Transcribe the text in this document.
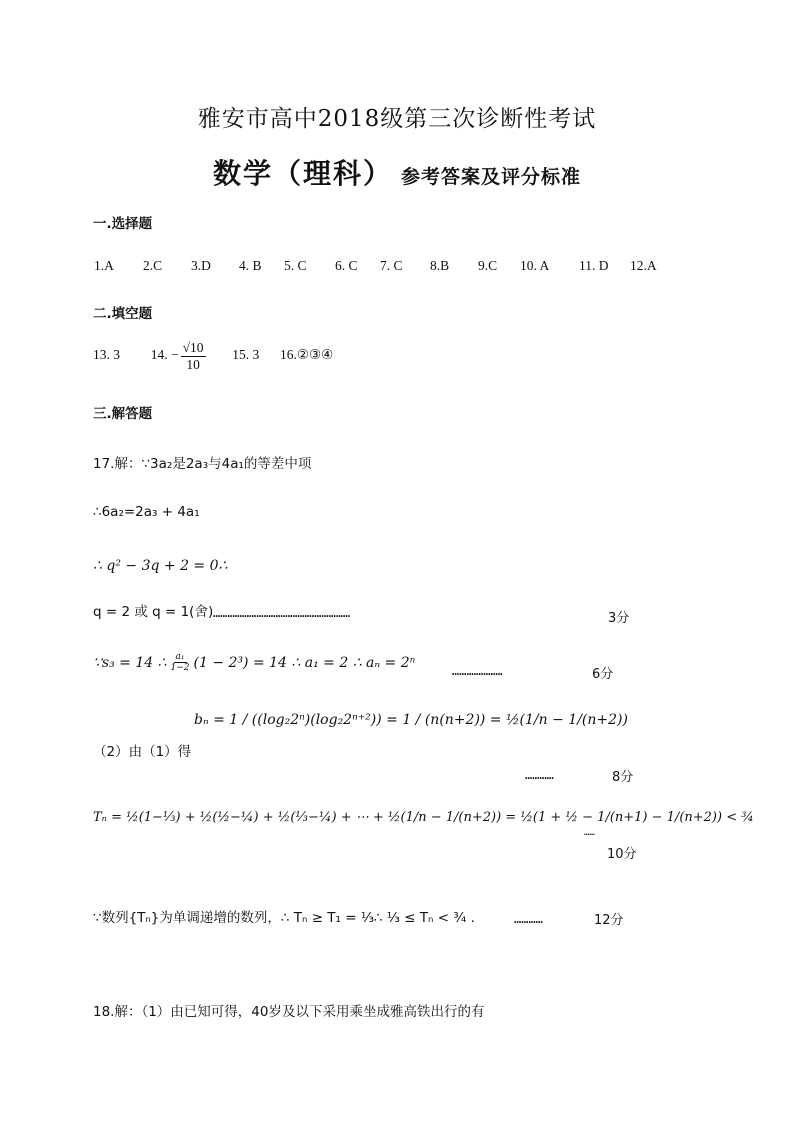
雅安市高中2018级第三次诊断性考试
数学（理科） 参考答案及评分标准
一.选择题
1.A 2.C 3.D 4. B 5. C 6. C 7. C 8.B 9.C 10. A 11. D 12.A
二.填空题
13. 3 14. − $\frac{√10}{10} 15$. 3 16.②③④
三.解答题
17.解：∵3a₂是2a₃与4a₁的等差中项
∴6a₂=2a₃ + 4a₁
∴ q² − 3q + 2 = 0∴
q = 2 或 q = 1(舍) …………………………………………………	3分
∵s₃ = 14 ∴ $\frac{\text{a₁}}{1-2} (1 - 2^3) = 14$ ∴ a₁ = 2 ∴ aₙ = 2ⁿ
…………………	6分
bₙ = 1 / ((log₂2ⁿ)(log₂2ⁿ⁺²)) = 1 / (n(n+2)) = ½(1/n − 1/(n+2))
（2）由（1）得
…………	8分
Tₙ = ½(1−⅓) + ½(½−¼) + ½(⅓−¼) + ⋯ + ½(1/n − 1/(n+2)) = ½(1 + ½ − 1/(n+1) − 1/(n+2)) < ¾
……
10分
∵数列{Tₙ}为单调递增的数列，∴ Tₙ ≥ T₁ = ⅓∴ ⅓ ≤ Tₙ < ¾ .	…………	12分
18.解：（1）由已知可得，40岁及以下采用乘坐成雅高铁出行的有
